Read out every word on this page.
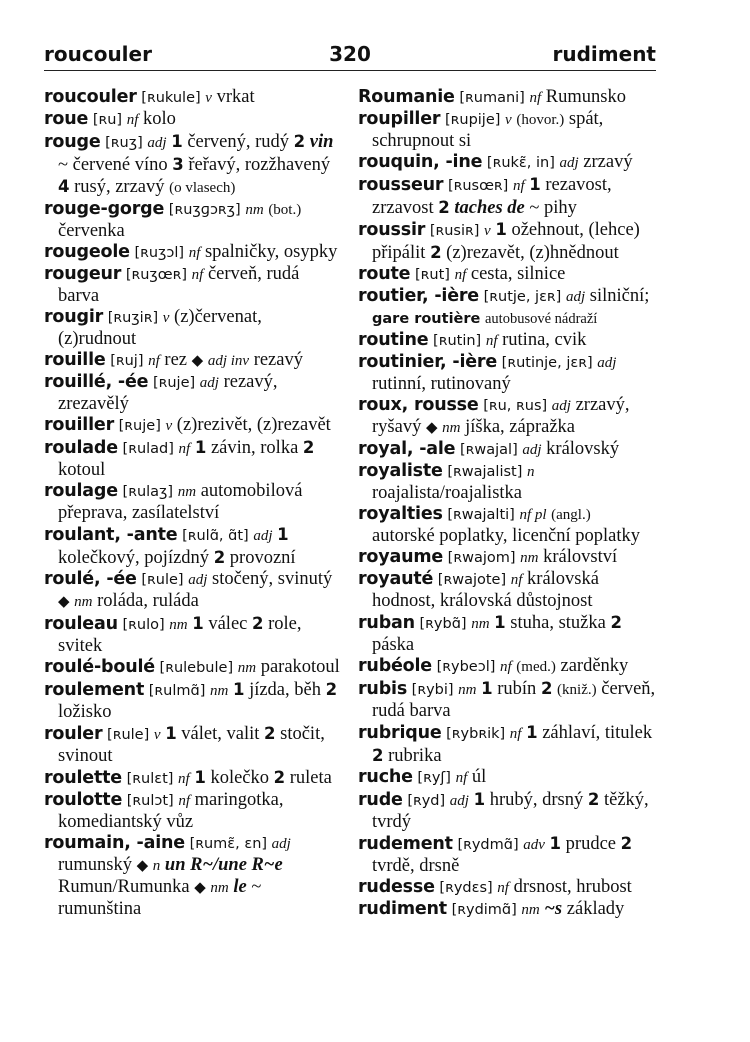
roucouler	320	rudiment

roucouler [ʀukule] v vrkat

roue [ʀu] nf kolo

rouge [ʀuʒ] adj 1 červený, rudý 2 vin ~ červené víno 3 řeřavý, rozžhavený 4 rusý, zrzavý (o vlasech)

rouge-gorge [ʀuʒɡɔʀʒ] nm (bot.) červenka

rougeole [ʀuʒɔl] nf spalničky, osypky

rougeur [ʀuʒœʀ] nf červeň, rudá barva

rougir [ʀuʒiʀ] v (z)červenat, (z)rudnout

rouille [ʀuj] nf rez ◆ adj inv rezavý

rouillé, -ée [ʀuje] adj rezavý, zrezavělý

rouiller [ʀuje] v (z)rezivět, (z)rezavět

roulade [ʀulad] nf 1 závin, rolka 2 kotoul

roulage [ʀulaʒ] nm automobilová přeprava, zasílatelství

roulant, -ante [ʀulɑ̃, ɑ̃t] adj 1 kolečkový, pojízdný 2 provozní

roulé, -ée [ʀule] adj stočený, svinutý ◆ nm roláda, ruláda

rouleau [ʀulo] nm 1 válec 2 role, svitek

roulé-boulé [ʀulebule] nm parakotoul

roulement [ʀulmɑ̃] nm 1 jízda, běh 2 ložisko

rouler [ʀule] v 1 válet, valit 2 stočit, svinout

roulette [ʀulɛt] nf 1 kolečko 2 ruleta

roulotte [ʀulɔt] nf maringotka, komediantský vůz

roumain, -aine [ʀumɛ̃, ɛn] adj rumunský ◆ n un R~/une R~e Rumun/Rumunka ◆ nm le ~ rumunština

Roumanie [ʀumani] nf Rumunsko

roupiller [ʀupije] v (hovor.) spát, schrupnout si

rouquin, -ine [ʀukɛ̃, in] adj zrzavý

rousseur [ʀusœʀ] nf 1 rezavost, zrzavost 2 taches de ~ pihy

roussir [ʀusiʀ] v 1 ožehnout, (lehce) připálit 2 (z)rezavět, (z)hnědnout

route [ʀut] nf cesta, silnice

routier, -ière [ʀutje, jɛʀ] adj silniční; gare routière autobusové nádraží

routine [ʀutin] nf rutina, cvik

routinier, -ière [ʀutinje, jɛʀ] adj rutinní, rutinovaný

roux, rousse [ʀu, ʀus] adj zrzavý, ryšavý ◆ nm jíška, zápražka

royal, -ale [ʀwajal] adj královský

royaliste [ʀwajalist] n roajalista/roajalistka

royalties [ʀwajalti] nf pl (angl.) autorské poplatky, licenční poplatky

royaume [ʀwajom] nm království

royauté [ʀwajote] nf královská hodnost, královská důstojnost

ruban [ʀybɑ̃] nm 1 stuha, stužka 2 páska

rubéole [ʀybeɔl] nf (med.) zarděnky

rubis [ʀybi] nm 1 rubín 2 (kniž.) červeň, rudá barva

rubrique [ʀybʀik] nf 1 záhlaví, titulek 2 rubrika

ruche [ʀyʃ] nf úl

rude [ʀyd] adj 1 hrubý, drsný 2 těžký, tvrdý

rudement [ʀydmɑ̃] adv 1 prudce 2 tvrdě, drsně

rudesse [ʀydɛs] nf drsnost, hrubost

rudiment [ʀydimɑ̃] nm ~s základy
